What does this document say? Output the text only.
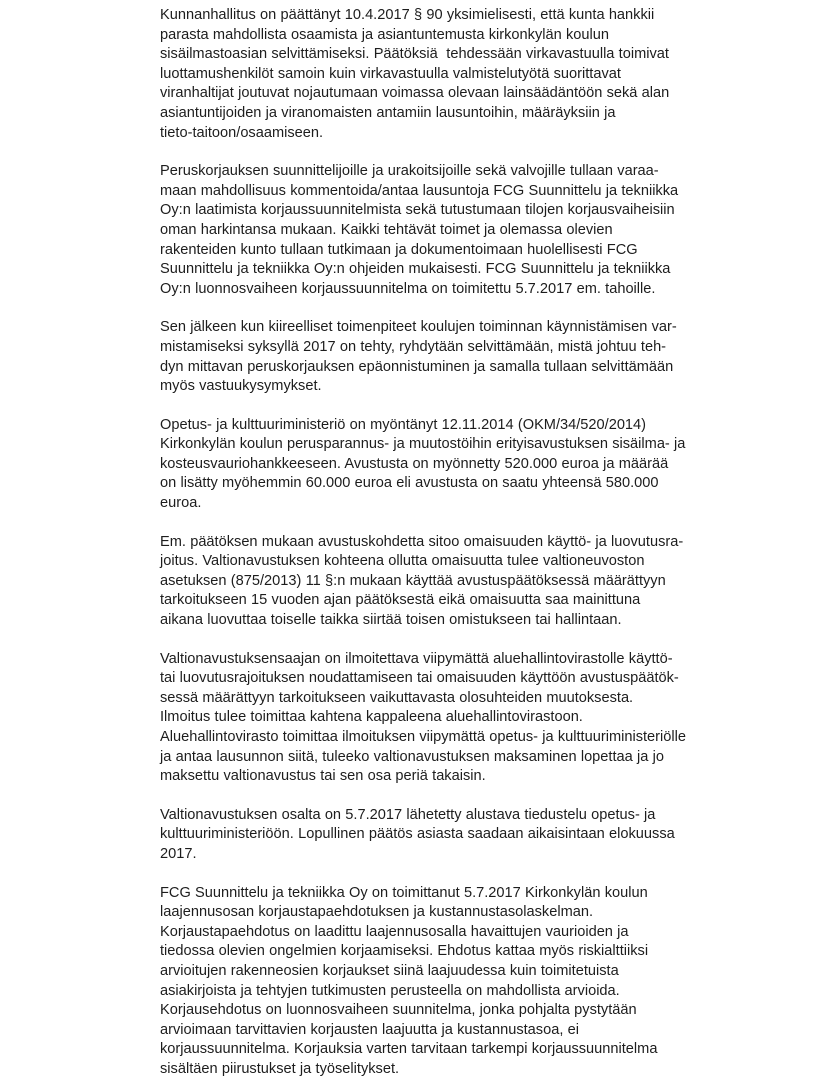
Kunnanhallitus on päättänyt 10.4.2017 § 90 yksimielisesti, että kunta hankkii
parasta mahdollista osaamista ja asiantuntemusta kirkonkylän koulun
sisäilmastoasian selvittämiseksi. Päätöksiä  tehdessään virkavastuulla toimivat
luottamushenkilöt samoin kuin virkavastuulla valmistelutyötä suorittavat
viranhaltijat joutuvat nojautumaan voimassa olevaan lainsäädäntöön sekä alan
asiantuntijoiden ja viranomaisten antamiin lausuntoihin, määräyksiin ja
tieto-taitoon/osaamiseen.

Peruskorjauksen suunnittelijoille ja urakoitsijoille sekä valvojille tullaan varaa-
maan mahdollisuus kommentoida/antaa lausuntoja FCG Suunnittelu ja tekniikka
Oy:n laatimista korjaussuunnitelmista sekä tutustumaan tilojen korjausvaiheisiin
oman harkintansa mukaan. Kaikki tehtävät toimet ja olemassa olevien
rakenteiden kunto tullaan tutkimaan ja dokumentoimaan huolellisesti FCG
Suunnittelu ja tekniikka Oy:n ohjeiden mukaisesti. FCG Suunnittelu ja tekniikka
Oy:n luonnosvaiheen korjaussuunnitelma on toimitettu 5.7.2017 em. tahoille.

Sen jälkeen kun kiireelliset toimenpiteet koulujen toiminnan käynnistämisen var-
mistamiseksi syksyllä 2017 on tehty, ryhdytään selvittämään, mistä johtuu teh-
dyn mittavan peruskorjauksen epäonnistuminen ja samalla tullaan selvittämään
myös vastuukysymykset.

Opetus- ja kulttuuriministeriö on myöntänyt 12.11.2014 (OKM/34/520/2014)
Kirkonkylän koulun perusparannus- ja muutostöihin erityisavustuksen sisäilma- ja
kosteusvauriohankkeeseen. Avustusta on myönnetty 520.000 euroa ja määrää
on lisätty myöhemmin 60.000 euroa eli avustusta on saatu yhteensä 580.000
euroa.

Em. päätöksen mukaan avustuskohdetta sitoo omaisuuden käyttö- ja luovutusra-
joitus. Valtionavustuksen kohteena ollutta omaisuutta tulee valtioneuvoston
asetuksen (875/2013) 11 §:n mukaan käyttää avustuspäätöksessä määrättyyn
tarkoitukseen 15 vuoden ajan päätöksestä eikä omaisuutta saa mainittuna
aikana luovuttaa toiselle taikka siirtää toisen omistukseen tai hallintaan.

Valtionavustuksensaajan on ilmoitettava viipymättä aluehallintovirastolle käyttö-
tai luovutusrajoituksen noudattamiseen tai omaisuuden käyttöön avustuspäätök-
sessä määrättyyn tarkoitukseen vaikuttavasta olosuhteiden muutoksesta.
Ilmoitus tulee toimittaa kahtena kappaleena aluehallintovirastoon.
Aluehallintovirasto toimittaa ilmoituksen viipymättä opetus- ja kulttuuriministeriölle
ja antaa lausunnon siitä, tuleeko valtionavustuksen maksaminen lopettaa ja jo
maksettu valtionavustus tai sen osa periä takaisin.

Valtionavustuksen osalta on 5.7.2017 lähetetty alustava tiedustelu opetus- ja
kulttuuriministeriöön. Lopullinen päätös asiasta saadaan aikaisintaan elokuussa
2017.

FCG Suunnittelu ja tekniikka Oy on toimittanut 5.7.2017 Kirkonkylän koulun
laajennusosan korjaustapaehdotuksen ja kustannustasolaskelman.
Korjaustapaehdotus on laadittu laajennusosalla havaittujen vaurioiden ja
tiedossa olevien ongelmien korjaamiseksi. Ehdotus kattaa myös riskialttiiksi
arvioitujen rakenneosien korjaukset siinä laajuudessa kuin toimitetuista
asiakirjoista ja tehtyjen tutkimusten perusteella on mahdollista arvioida.
Korjausehdotus on luonnosvaiheen suunnitelma, jonka pohjalta pystytään
arvioimaan tarvittavien korjausten laajuutta ja kustannustasoa, ei
korjaussuunnitelma. Korjauksia varten tarvitaan tarkempi korjaussuunnitelma
sisältäen piirustukset ja työselitykset.
